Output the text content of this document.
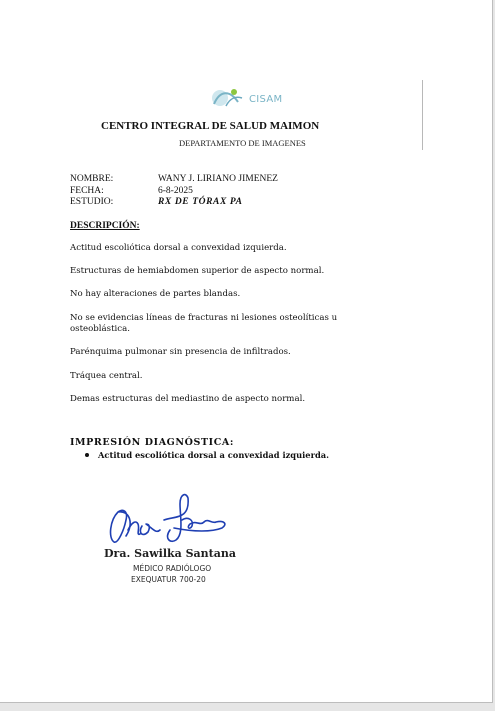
CISAM
CENTRO INTEGRAL DE SALUD MAIMON
DEPARTAMENTO DE IMAGENES
NOMBRE:	WANY J. LIRIANO JIMENEZ
FECHA:	6-8-2025
ESTUDIO:	RX DE TÓRAX PA
DESCRIPCIÓN:

Actitud escoliótica dorsal a convexidad izquierda.

Estructuras de hemiabdomen superior de aspecto normal.

No hay alteraciones de partes blandas.

No se evidencias líneas de fracturas ni lesiones osteolíticas u osteoblástica.

Parénquima pulmonar sin presencia de infiltrados.

Tráquea central.

Demas estructuras del mediastino de aspecto normal.

IMPRESIÓN DIAGNÓSTICA:
Actitud escoliótica dorsal a convexidad izquierda.
Dra. Sawilka Santana
MÉDICO RADIÓLOGO
EXEQUATUR 700-20
